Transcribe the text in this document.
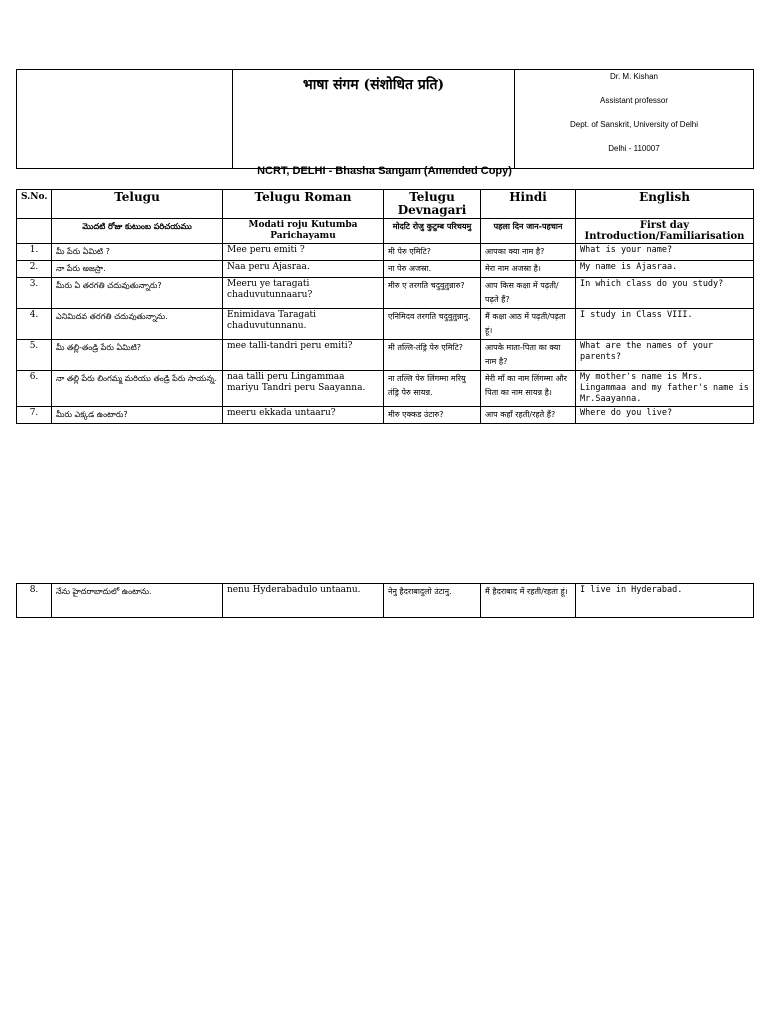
	भाषा संगम (संशोधित प्रति)	
Dr. M. Kishan
Assistant professor
Dept. of Sanskrit, University of Delhi
Delhi - 110007
NCRT, DELHI - Bhasha Sangam (Amended Copy)
S.No.	Telugu	Telugu Roman	Telugu Devnagari	Hindi	English
	మొదటి రోజు కుటుంబ పరిచయము	Modati roju Kutumba Parichayamu	मोदटि रोजु कुटुम्ब परिचयमु	पहला दिन जान-पहचान	First day Introduction/Familiarisation
1.	మీ పేరు ఏమిటి ?	Mee peru emiti ?	मी पेरु एमिटि?	आपका क्या नाम है?	What is your name?
2.	నా పేరు అజస్రా.	Naa peru Ajasraa.	ना पेरु अजस्रा.	मेरा नाम अजस्रा है।	My name is Ajasraa.
3.	మీరు ఏ తరగతి చదువుతున్నారు?	Meeru ye taragati chaduvutunnaaru?	मीरु ए तरगति चदुवुतुन्नारु?	आप किस कक्षा में पढ़ती/पढ़ते हैं?	In which class do you study?
4.	ఎనిమిదవ తరగతి చదువుతున్నాను.	Enimidava Taragati chaduvutunnanu.	एनिमिदव तरगति चदुवुतुन्नानु.	मैं कक्षा आठ में पढ़ती/पढ़ता हूं।	I study in Class VIII.
5.	మీ తల్లి-తండ్రి పేరు ఏమిటి?	mee talli-tandri peru emiti?	मी तल्लि-तंड्रि पेरु एमिटि?	आपके माता-पिता का क्या नाम है?	What are the names of your parents?
6.	నా తల్లి పేరు లింగమ్మ మరియు తండ్రి పేరు సాయన్న.	naa talli peru Lingammaa mariyu Tandri peru Saayanna.	ना तल्लि पेरु लिंगम्मा मरियु तंड्रि पेरु सायन्न.	मेरी माँ का नाम लिंगम्मा और पिता का नाम सायन्न है।	My mother's name is Mrs. Lingammaa and my father's name is Mr.Saayanna.
7.	మీరు ఎక్కడ ఉంటారు?	meeru ekkada untaaru?	मीरु एक्कड उंटारु?	आप कहाँ रहती/रहते हैं?	Where do you live?
8.	నేను హైదరాబాదులో ఉంటాను.	nenu Hyderabadulo untaanu.	नेनु हैदराबादुलो उंटानु.	मैं हैदराबाद में रहती/रहता हूं।	I live in Hyderabad.
